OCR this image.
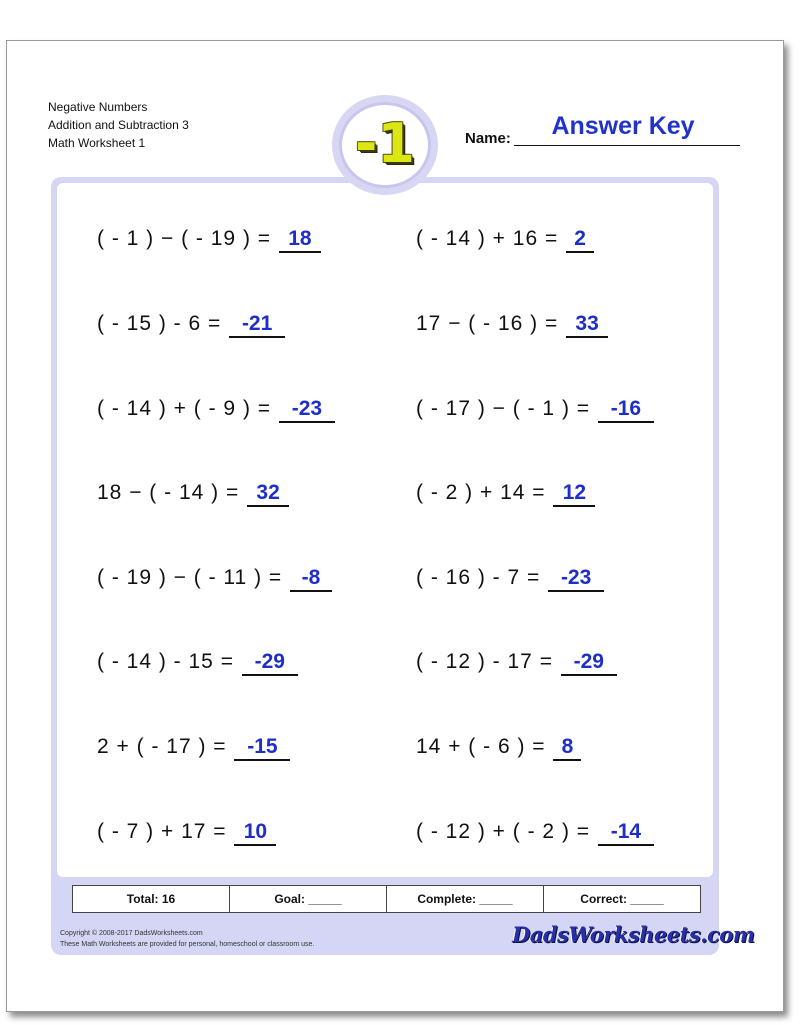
Negative Numbers
Addition and Subtraction 3
Math Worksheet 1	-1	Name:	Answer Key
( - 1 ) − ( - 19 ) = 18
( - 15 ) - 6 = -21
( - 14 ) + ( - 9 ) = -23
18 − ( - 14 ) = 32
( - 19 ) − ( - 11 ) = -8
( - 14 ) - 15 = -29
2 + ( - 17 ) = -15
( - 7 ) + 17 = 10
( - 14 ) + 16 = 2
17 − ( - 16 ) = 33
( - 17 ) − ( - 1 ) = -16
( - 2 ) + 14 = 12
( - 16 ) - 7 = -23
( - 12 ) - 17 = -29
14 + ( - 6 ) = 8
( - 12 ) + ( - 2 ) = -14
Total: 16	Goal: _____	Complete: _____	Correct: _____
Copyright © 2008-2017 DadsWorksheets.com
These Math Worksheets are provided for personal, homeschool or classroom use.	DadsWorksheets.com
